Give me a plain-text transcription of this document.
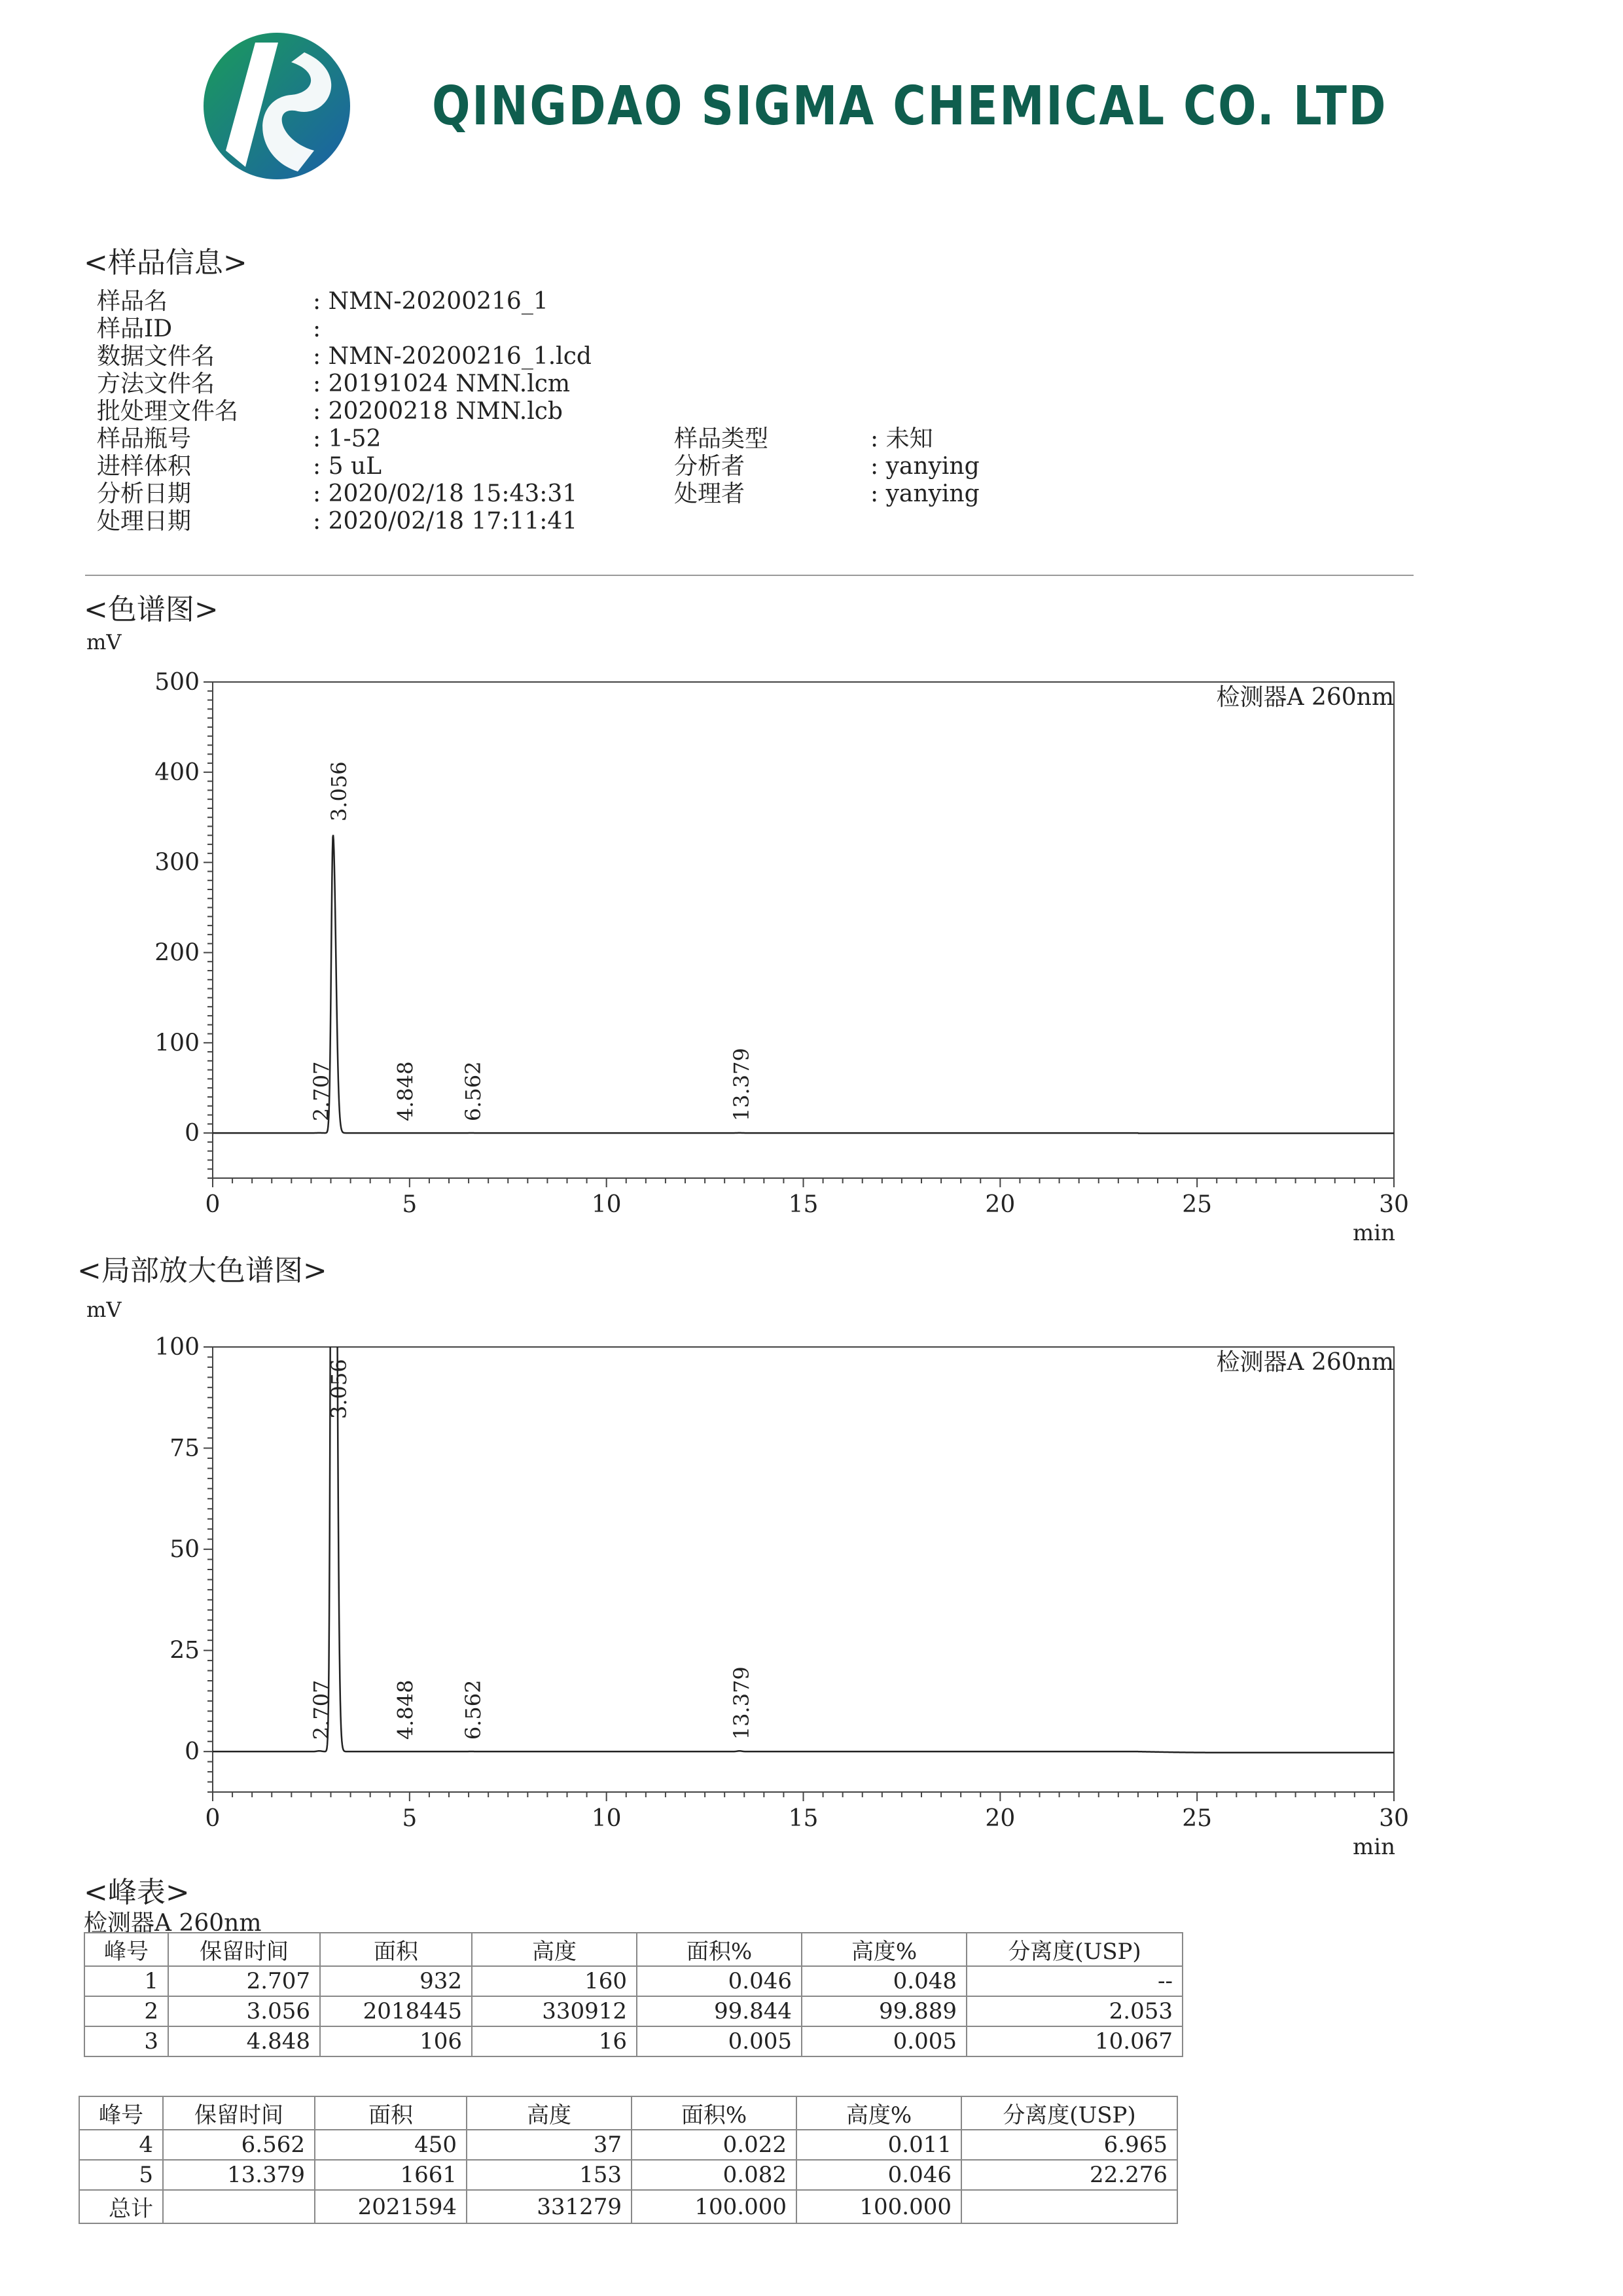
QINGDAO SIGMA CHEMICAL CO. LTD
<样品信息>
样品名	: NMN-20200216_1
样品ID	:
数据文件名	: NMN-20200216_1.lcd
方法文件名	: 20191024 NMN.lcm
批处理文件名	: 20200218 NMN.lcb
样品瓶号	: 1-52
进样体积	: 5 uL
分析日期	: 2020/02/18 15:43:31
处理日期	: 2020/02/18 17:11:41
样品类型	: 未知
分析者	: yanying
处理者	: yanying
<色谱图>
mV
0	5	10	15	20	25	30
500
400
300
200
100
0
min
检测器A 260nm
2.707
3.056
4.848 6.562	13.379
<局部放大色谱图>
mV
0	5	10	15	20	25	30
100
75
50
25
0
min
检测器A 260nm
2.707
3.056
4.848 6.562	13.379
<峰表>
检测器A 260nm
峰号	保留时间	面积	高度	面积%	高度%	分离度(USP)
1	2.707	932	160	0.046	0.048	--
2	3.056	2018445	330912	99.844	99.889	2.053
3	4.848	106	16	0.005	0.005	10.067
峰号	保留时间	面积	高度	面积%	高度%	分离度(USP)
4	6.562	450	37	0.022	0.011	6.965
5	13.379	1661	153	0.082	0.046	22.276
总计		2021594	331279	100.000	100.000	
